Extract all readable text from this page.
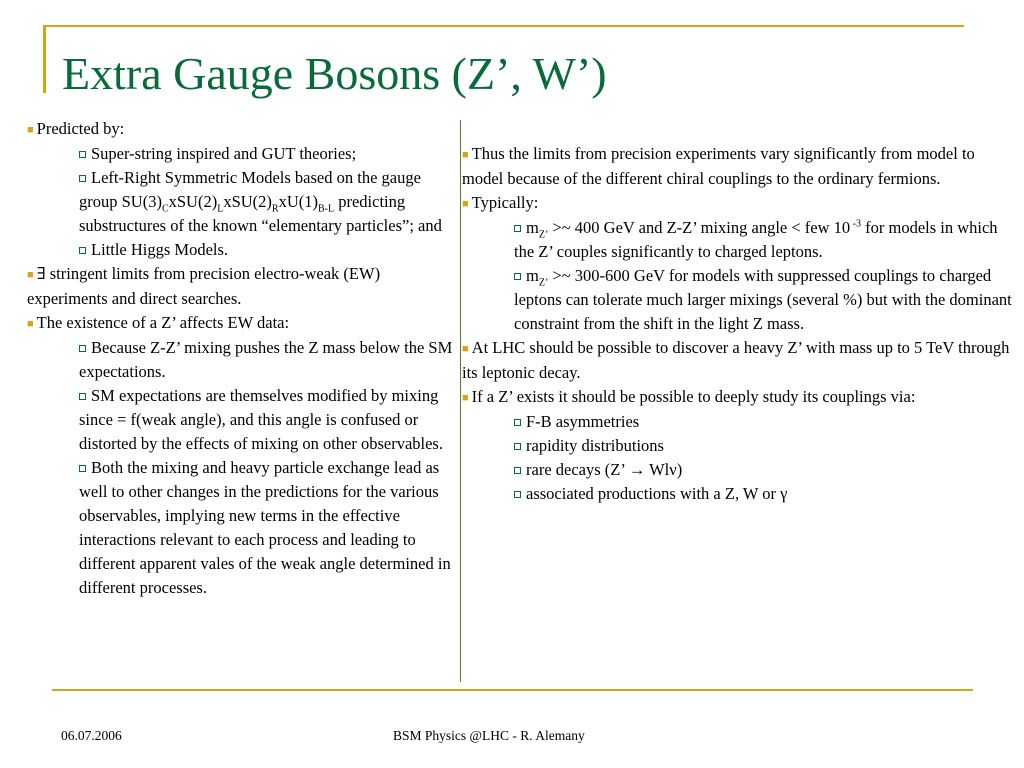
Extra Gauge Bosons (Z’, W’)

■ Predicted by:

Super-string inspired and GUT theories;

Left-Right Symmetric Models based on the gauge group $SU(3)_CxSU(2)_LxSU(2)_RxU(1)_{B-L}$ predicting substructures of the known “elementary particles”; and

Little Higgs Models.

■ ∃ stringent limits from precision electro-weak (EW) experiments and direct searches.

■ The existence of a Z’ affects EW data:

Because Z-Z’ mixing pushes the Z mass below the SM expectations.

SM expectations are themselves modified by mixing since = f(weak angle), and this angle is confused or distorted by the effects of mixing on other observables.

Both the mixing and heavy particle exchange lead as well to other changes in the predictions for the various observables, implying new terms in the effective interactions relevant to each process and leading to different apparent vales of the weak angle determined in different processes.

■ Thus the limits from precision experiments vary significantly from model to model because of the different chiral couplings to the ordinary fermions.

■ Typically:

$m_{Z’}$ >~ 400 GeV and Z-Z’ mixing angle < few 10 $^{-3}$ for models in which the Z’ couples significantly to charged leptons.

$m_{Z’}$ >~ 300-600 GeV for models with suppressed couplings to charged leptons can tolerate much larger mixings (several %) but with the dominant constraint from the shift in the light Z mass.

■ At LHC should be possible to discover a heavy Z’ with mass up to 5 TeV through its leptonic decay.

■ If a Z’ exists it should be possible to deeply study its couplings via:

F-B asymmetries

rapidity distributions

rare decays (Z’ → Wlν)

associated productions with a Z, W or γ

06.07.2006	BSM Physics @LHC - R. Alemany
